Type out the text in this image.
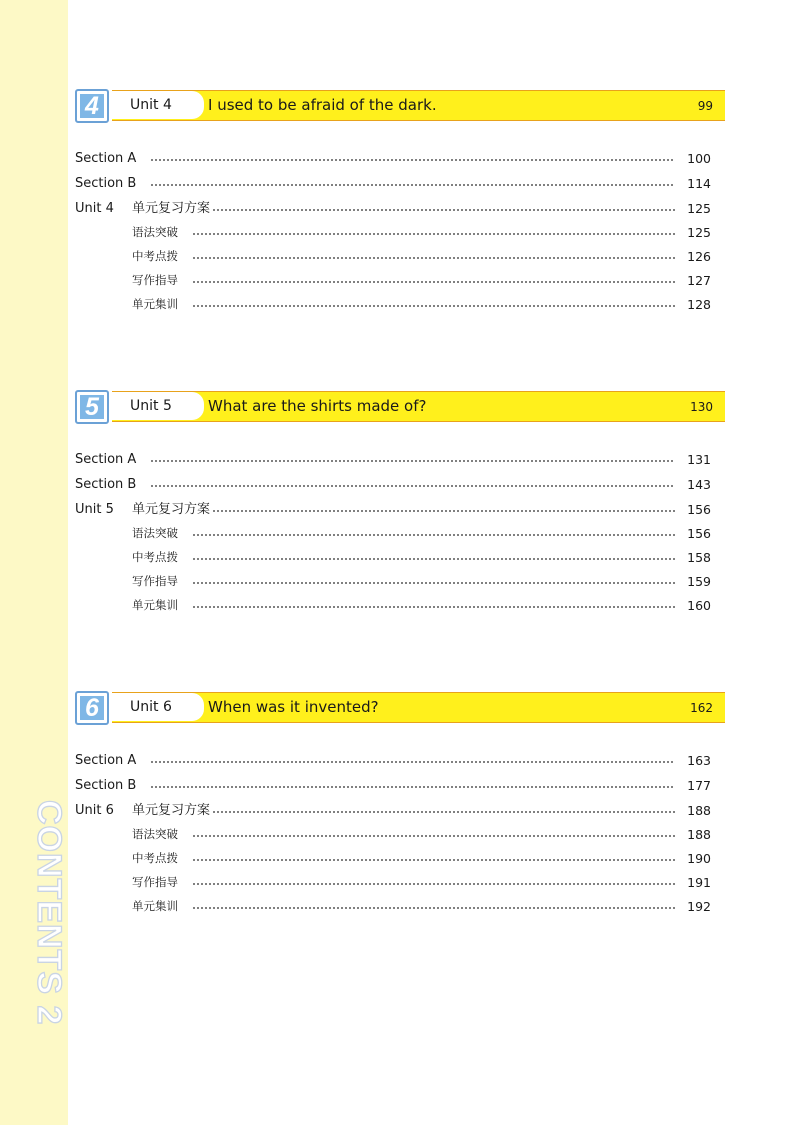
CONTENTS 2
4	Unit 4	I used to be afraid of the dark.	99
Section A	100
Section B	114
Unit 4	单元复习方案	125
语法突破	125
中考点拨	126
写作指导	127
单元集训	128
5	Unit 5	What are the shirts made of?	130
Section A	131
Section B	143
Unit 5	单元复习方案	156
语法突破	156
中考点拨	158
写作指导	159
单元集训	160
6	Unit 6	When was it invented?	162
Section A	163
Section B	177
Unit 6	单元复习方案	188
语法突破	188
中考点拨	190
写作指导	191
单元集训	192
